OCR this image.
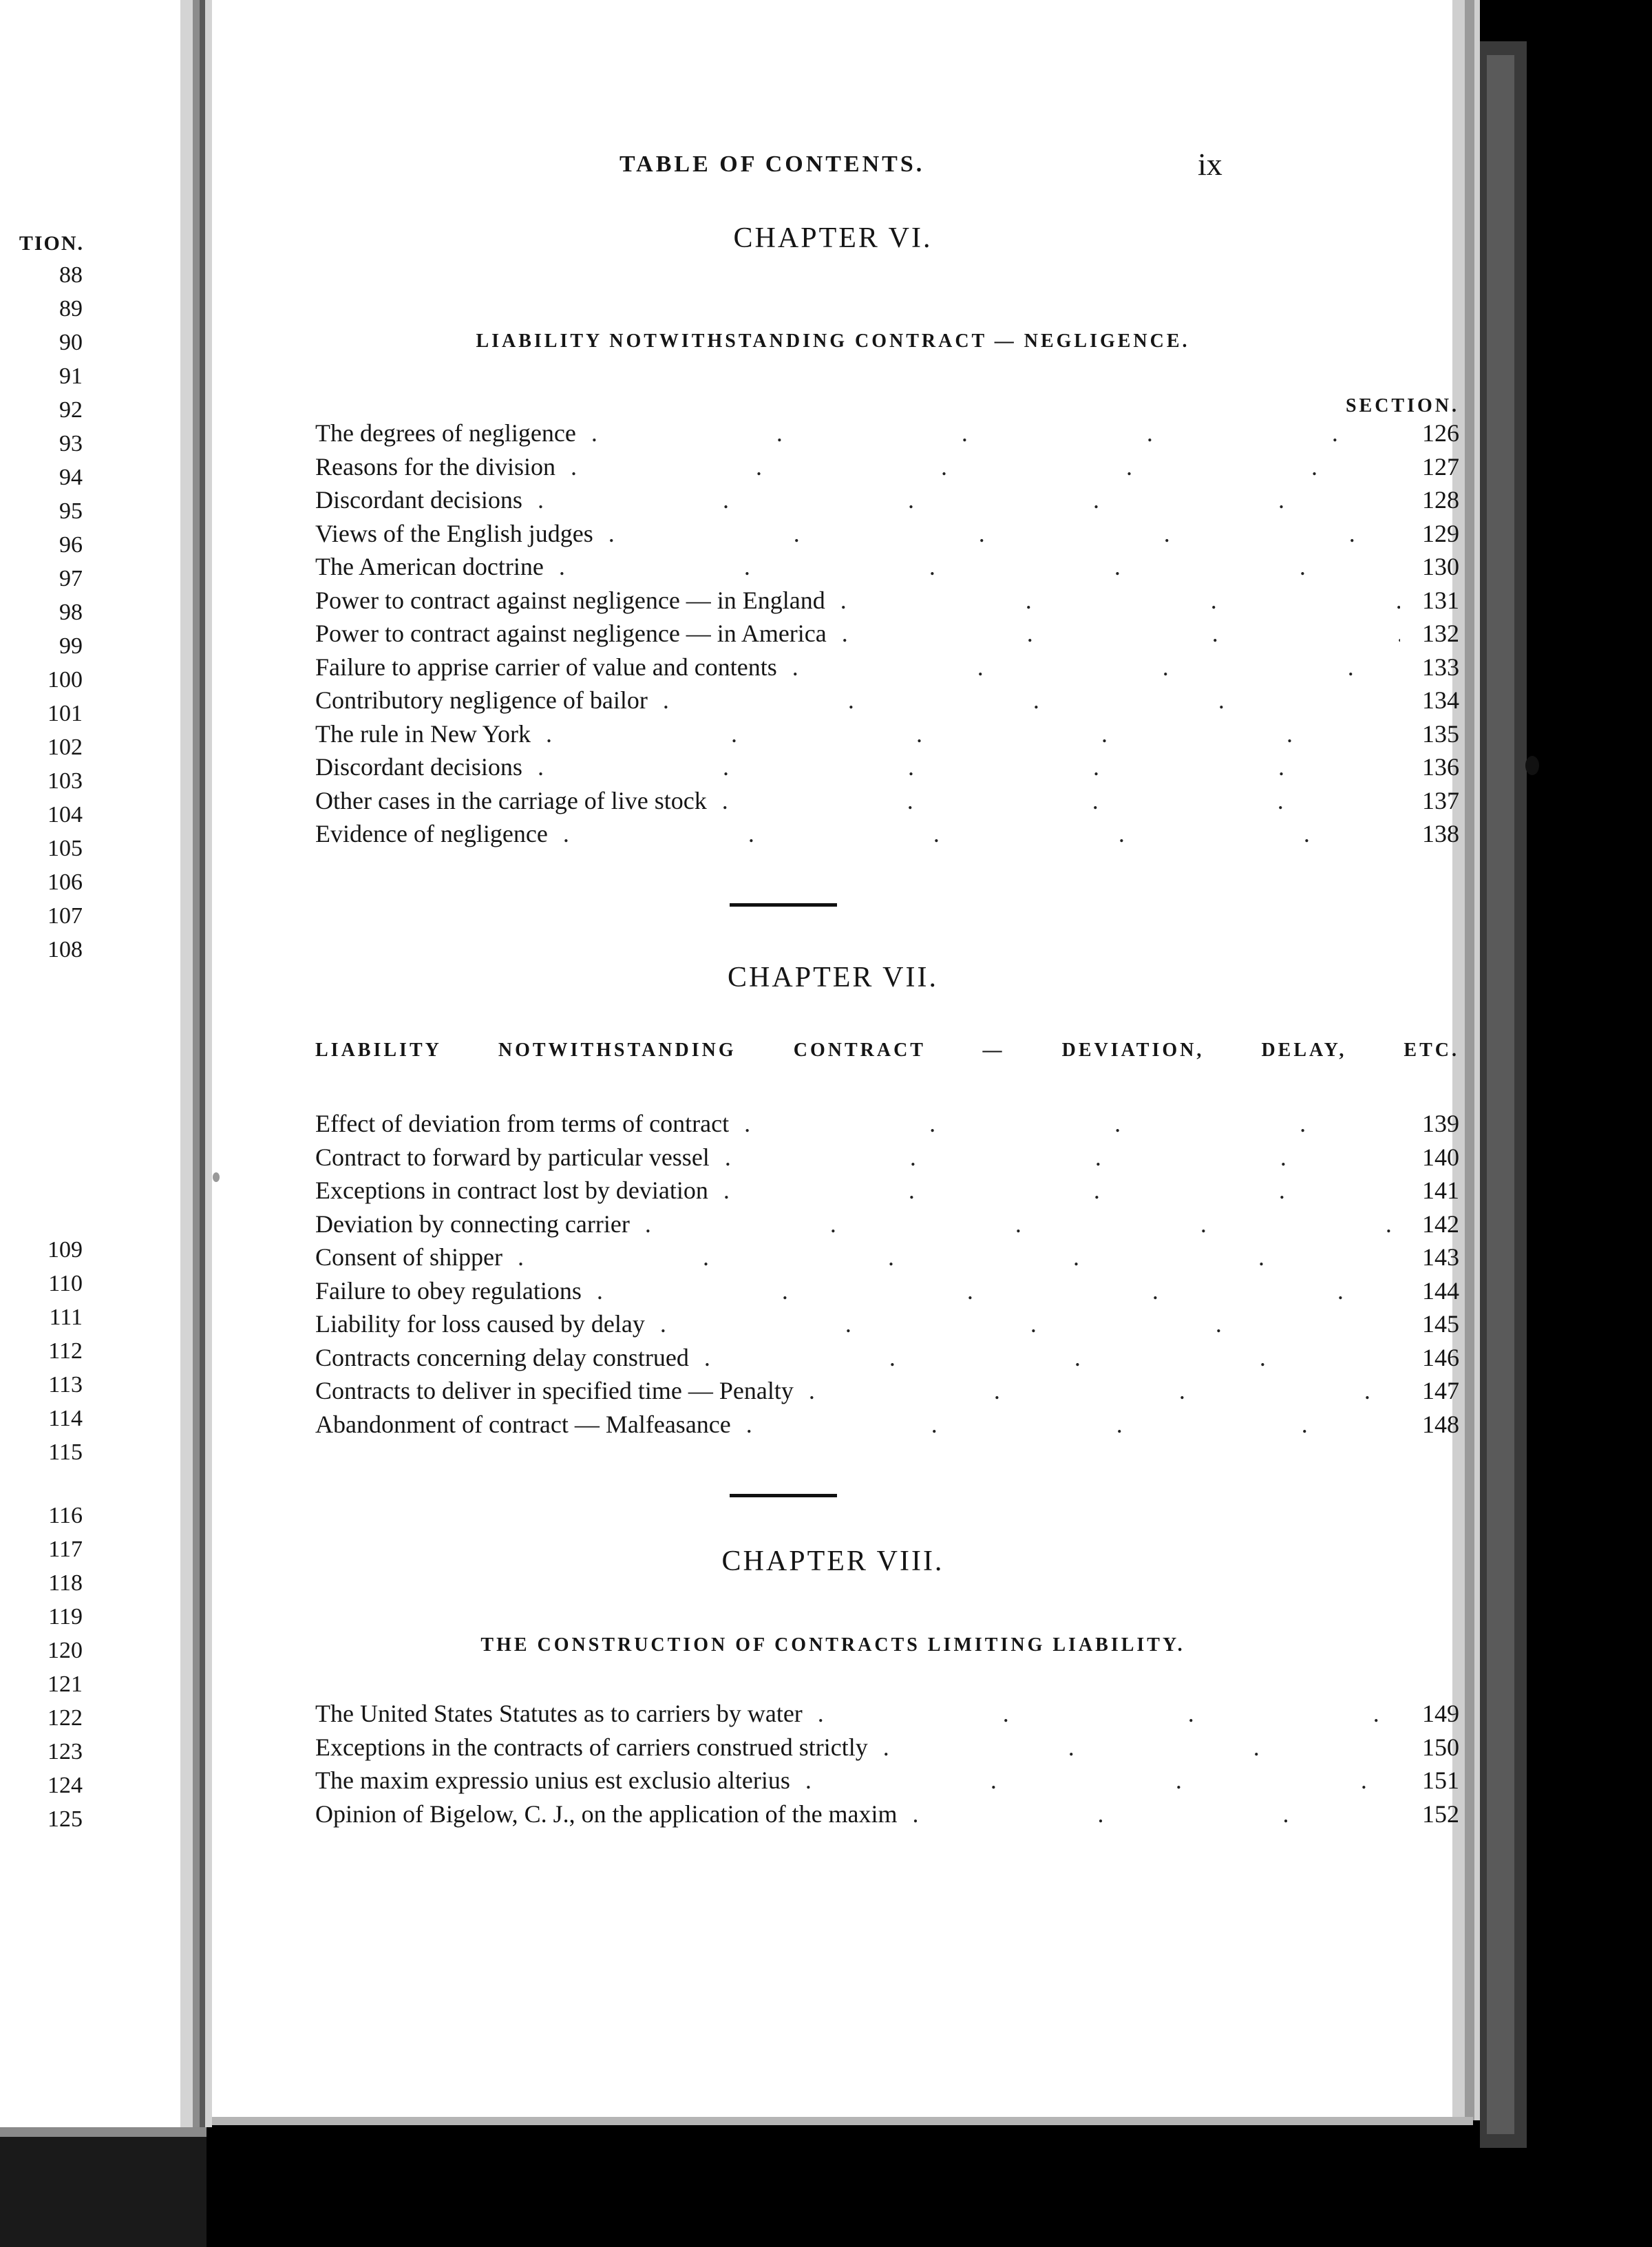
TION.
88
89
90
91
92
93
94
95
96
97
98
99
100
101
102
103
104
105
106
107
108
109
110
111
112
113
114
115
116
117
118
119
120
121
122
123
124
125
TABLE OF CONTENTS.	ix
CHAPTER VI.
LIABILITY NOTWITHSTANDING CONTRACT — NEGLIGENCE.
SECTION.
The degrees of negligence .	126
Reasons for the division .	127
Discordant decisions .	128
Views of the English judges .	129
The American doctrine .	130
Power to contract against negligence — in England .	131
Power to contract against negligence — in America .	132
Failure to apprise carrier of value and contents .	133
Contributory negligence of bailor .	134
The rule in New York .	135
Discordant decisions .	136
Other cases in the carriage of live stock .	137
Evidence of negligence .	138
CHAPTER VII.
LIABILITY NOTWITHSTANDING CONTRACT — DEVIATION, DELAY, ETC.
Effect of deviation from terms of contract .	139
Contract to forward by particular vessel .	140
Exceptions in contract lost by deviation .	141
Deviation by connecting carrier .	142
Consent of shipper .	143
Failure to obey regulations .	144
Liability for loss caused by delay .	145
Contracts concerning delay construed .	146
Contracts to deliver in specified time — Penalty .	147
Abandonment of contract — Malfeasance .	148
CHAPTER VIII.
THE CONSTRUCTION OF CONTRACTS LIMITING LIABILITY.
The United States Statutes as to carriers by water .	149
Exceptions in the contracts of carriers construed strictly .	150
The maxim expressio unius est exclusio alterius .	151
Opinion of Bigelow, C. J., on the application of the maxim .	152
